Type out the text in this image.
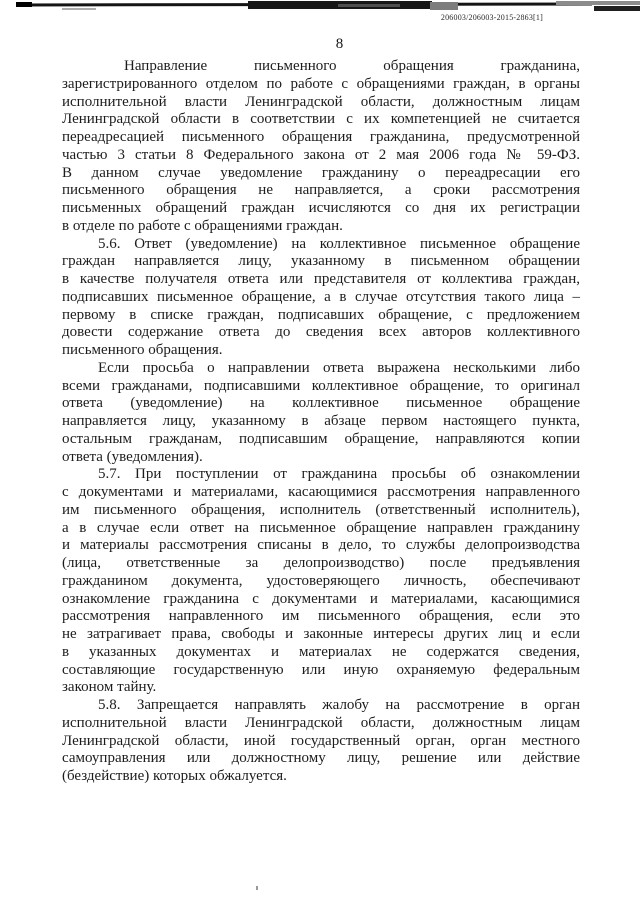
206003/206003-2015-2863[1]
8
Направление письменного обращения гражданина,
зарегистрированного отделом по работе с обращениями граждан, в органы
исполнительной власти Ленинградской области, должностным лицам
Ленинградской области в соответствии с их компетенцией не считается
переадресацией письменного обращения гражданина, предусмотренной
частью 3 статьи 8 Федерального закона от 2 мая 2006 года № 59-ФЗ.
В данном случае уведомление гражданину о переадресации его
письменного обращения не направляется, а сроки рассмотрения
письменных обращений граждан исчисляются со дня их регистрации
в отделе по работе с обращениями граждан.
5.6. Ответ (уведомление) на коллективное письменное обращение
граждан направляется лицу, указанному в письменном обращении
в качестве получателя ответа или представителя от коллектива граждан,
подписавших письменное обращение, а в случае отсутствия такого лица –
первому в списке граждан, подписавших обращение, с предложением
довести содержание ответа до сведения всех авторов коллективного
письменного обращения.
Если просьба о направлении ответа выражена несколькими либо
всеми гражданами, подписавшими коллективное обращение, то оригинал
ответа (уведомление) на коллективное письменное обращение
направляется лицу, указанному в абзаце первом настоящего пункта,
остальным гражданам, подписавшим обращение, направляются копии
ответа (уведомления).
5.7. При поступлении от гражданина просьбы об ознакомлении
с документами и материалами, касающимися рассмотрения направленного
им письменного обращения, исполнитель (ответственный исполнитель),
а в случае если ответ на письменное обращение направлен гражданину
и материалы рассмотрения списаны в дело, то службы делопроизводства
(лица, ответственные за делопроизводство) после предъявления
гражданином документа, удостоверяющего личность, обеспечивают
ознакомление гражданина с документами и материалами, касающимися
рассмотрения направленного им письменного обращения, если это
не затрагивает права, свободы и законные интересы других лиц и если
в указанных документах и материалах не содержатся сведения,
составляющие государственную или иную охраняемую федеральным
законом тайну.
5.8. Запрещается направлять жалобу на рассмотрение в орган
исполнительной власти Ленинградской области, должностным лицам
Ленинградской области, иной государственный орган, орган местного
самоуправления или должностному лицу, решение или действие
(бездействие) которых обжалуется.
